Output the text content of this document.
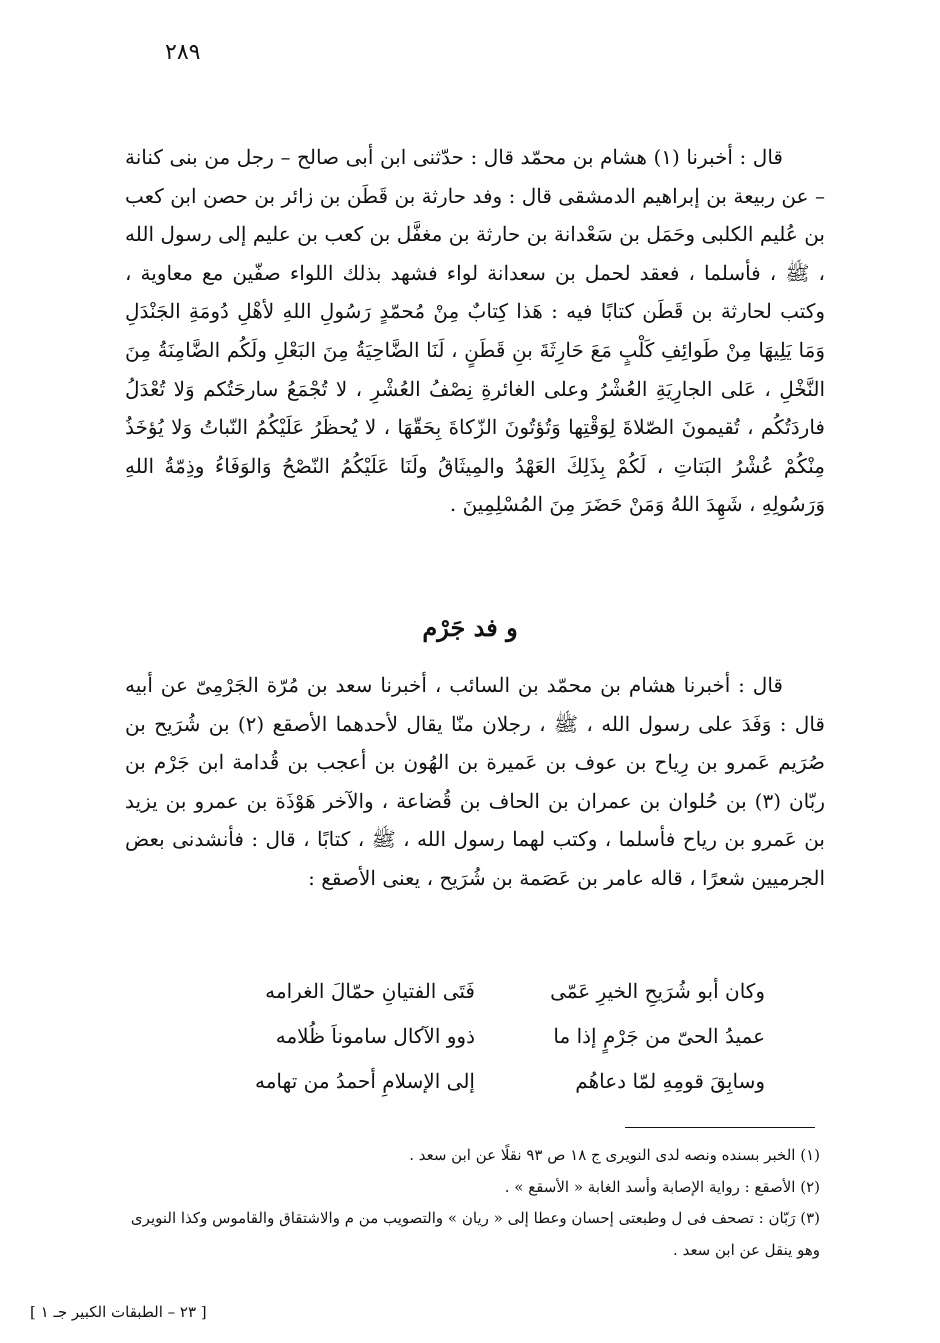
٢٨٩

قال : أخبرنا (١) هشام بن محمّد قال : حدّثنى ابن أبى صالح – رجل من بنى كنانة – عن ربيعة بن إبراهيم الدمشقى قال : وفد حارثة بن قَطَن بن زائر بن حصن ابن كعب بن عُليم الكلبى وحَمَل بن سَعْدانة بن حارثة بن مغفَّل بن كعب بن عليم إلى رسول الله ، ﷺ ، فأسلما ، فعقد لحمل بن سعدانة لواء فشهد بذلك اللواء صفّين مع معاوية ، وكتب لحارثة بن قَطَن كتابًا فيه : هَذا كِتابٌ مِنْ مُحمّدٍ رَسُولِ اللهِ لأهْلِ دُومَةِ الجَنْدَلِ وَمَا يَلِيهَا مِنْ طَوائِفِ كَلْبٍ مَعَ حَارِثَةَ بنِ قَطَنٍ ، لَنَا الضَّاحِيَةُ مِنَ البَعْلِ ولَكُم الضَّامِنَةُ مِنَ النَّخْلِ ، عَلى الجارِيَةِ العُشْرُ وعلى الغائرةِ نِصْفُ العُشْرِ ، لا تُجْمَعُ سارحَتُكم وَلا تُعْدَلُ فاردَتُكُم ، تُقيمونَ الصّلاةَ لِوَقْتِها وَتُؤتُونَ الزّكاةَ بِحَقّهَا ، لا يُحظَرُ عَلَيْكُمُ النّباتُ وَلا يُؤخَذُ مِنْكُمْ عُشْرُ البَتاتِ ، لَكُمْ بِذَلِكَ العَهْدُ والمِيثَاقُ ولَنَا عَلَيْكُمُ النّصْحُ وَالوَفَاءُ وذِمّةُ اللهِ وَرَسُولِهِ ، شَهِدَ اللهُ وَمَنْ حَضَرَ مِنَ المُسْلِمِينَ .

و فد جَرْم

قال : أخبرنا هشام بن محمّد بن السائب ، أخبرنا سعد بن مُرّة الجَرْمِىّ عن أبيه قال : وَفَدَ على رسول الله ، ﷺ ، رجلان منّا يقال لأحدهما الأصقع (٢) بن شُرَيح بن صُرَيم عَمرو بن رِياح بن عوف بن عَميرة بن الهُون بن أعجب بن قُدامة ابن جَرْم بن ربّان (٣) بن حُلوان بن عمران بن الحاف بن قُضاعة ، والآخر هَوْذَة بن عمرو بن يزيد بن عَمرو بن رياح فأسلما ، وكتب لهما رسول الله ، ﷺ ، كتابًا ، قال : فأنشدنى بعض الجرميين شعرًا ، قاله عامر بن عَصَمة بن شُرَيح ، يعنى الأصقع :

وكان أبو شُرَيحِ الخيرِ عَمّى
فَتَى الفتيانِ حمّالَ الغرامه
عميدُ الحىّ من جَرْمٍ إذا ما
ذوو الآكال ساموناَ ظُلامه
وسابِقَ قومِهِ لمّا دعاهُم
إلى الإسلامِ أحمدُ من تهامه

(١) الخبر بسنده ونصه لدى النويرى ج ١٨ ص ٩٣ نقلًا عن ابن سعد .

(٢) الأصقع : رواية الإصابة وأسد الغابة « الأسقع » .

(٣) رَبّان : تصحف فى ل وطبعتى إحسان وعطا إلى « ريان » والتصويب من م والاشتقاق والقاموس وكذا النويرى وهو ينقل عن ابن سعد .

[ ٢٣ – الطبقات الكبير جـ ١ ]
